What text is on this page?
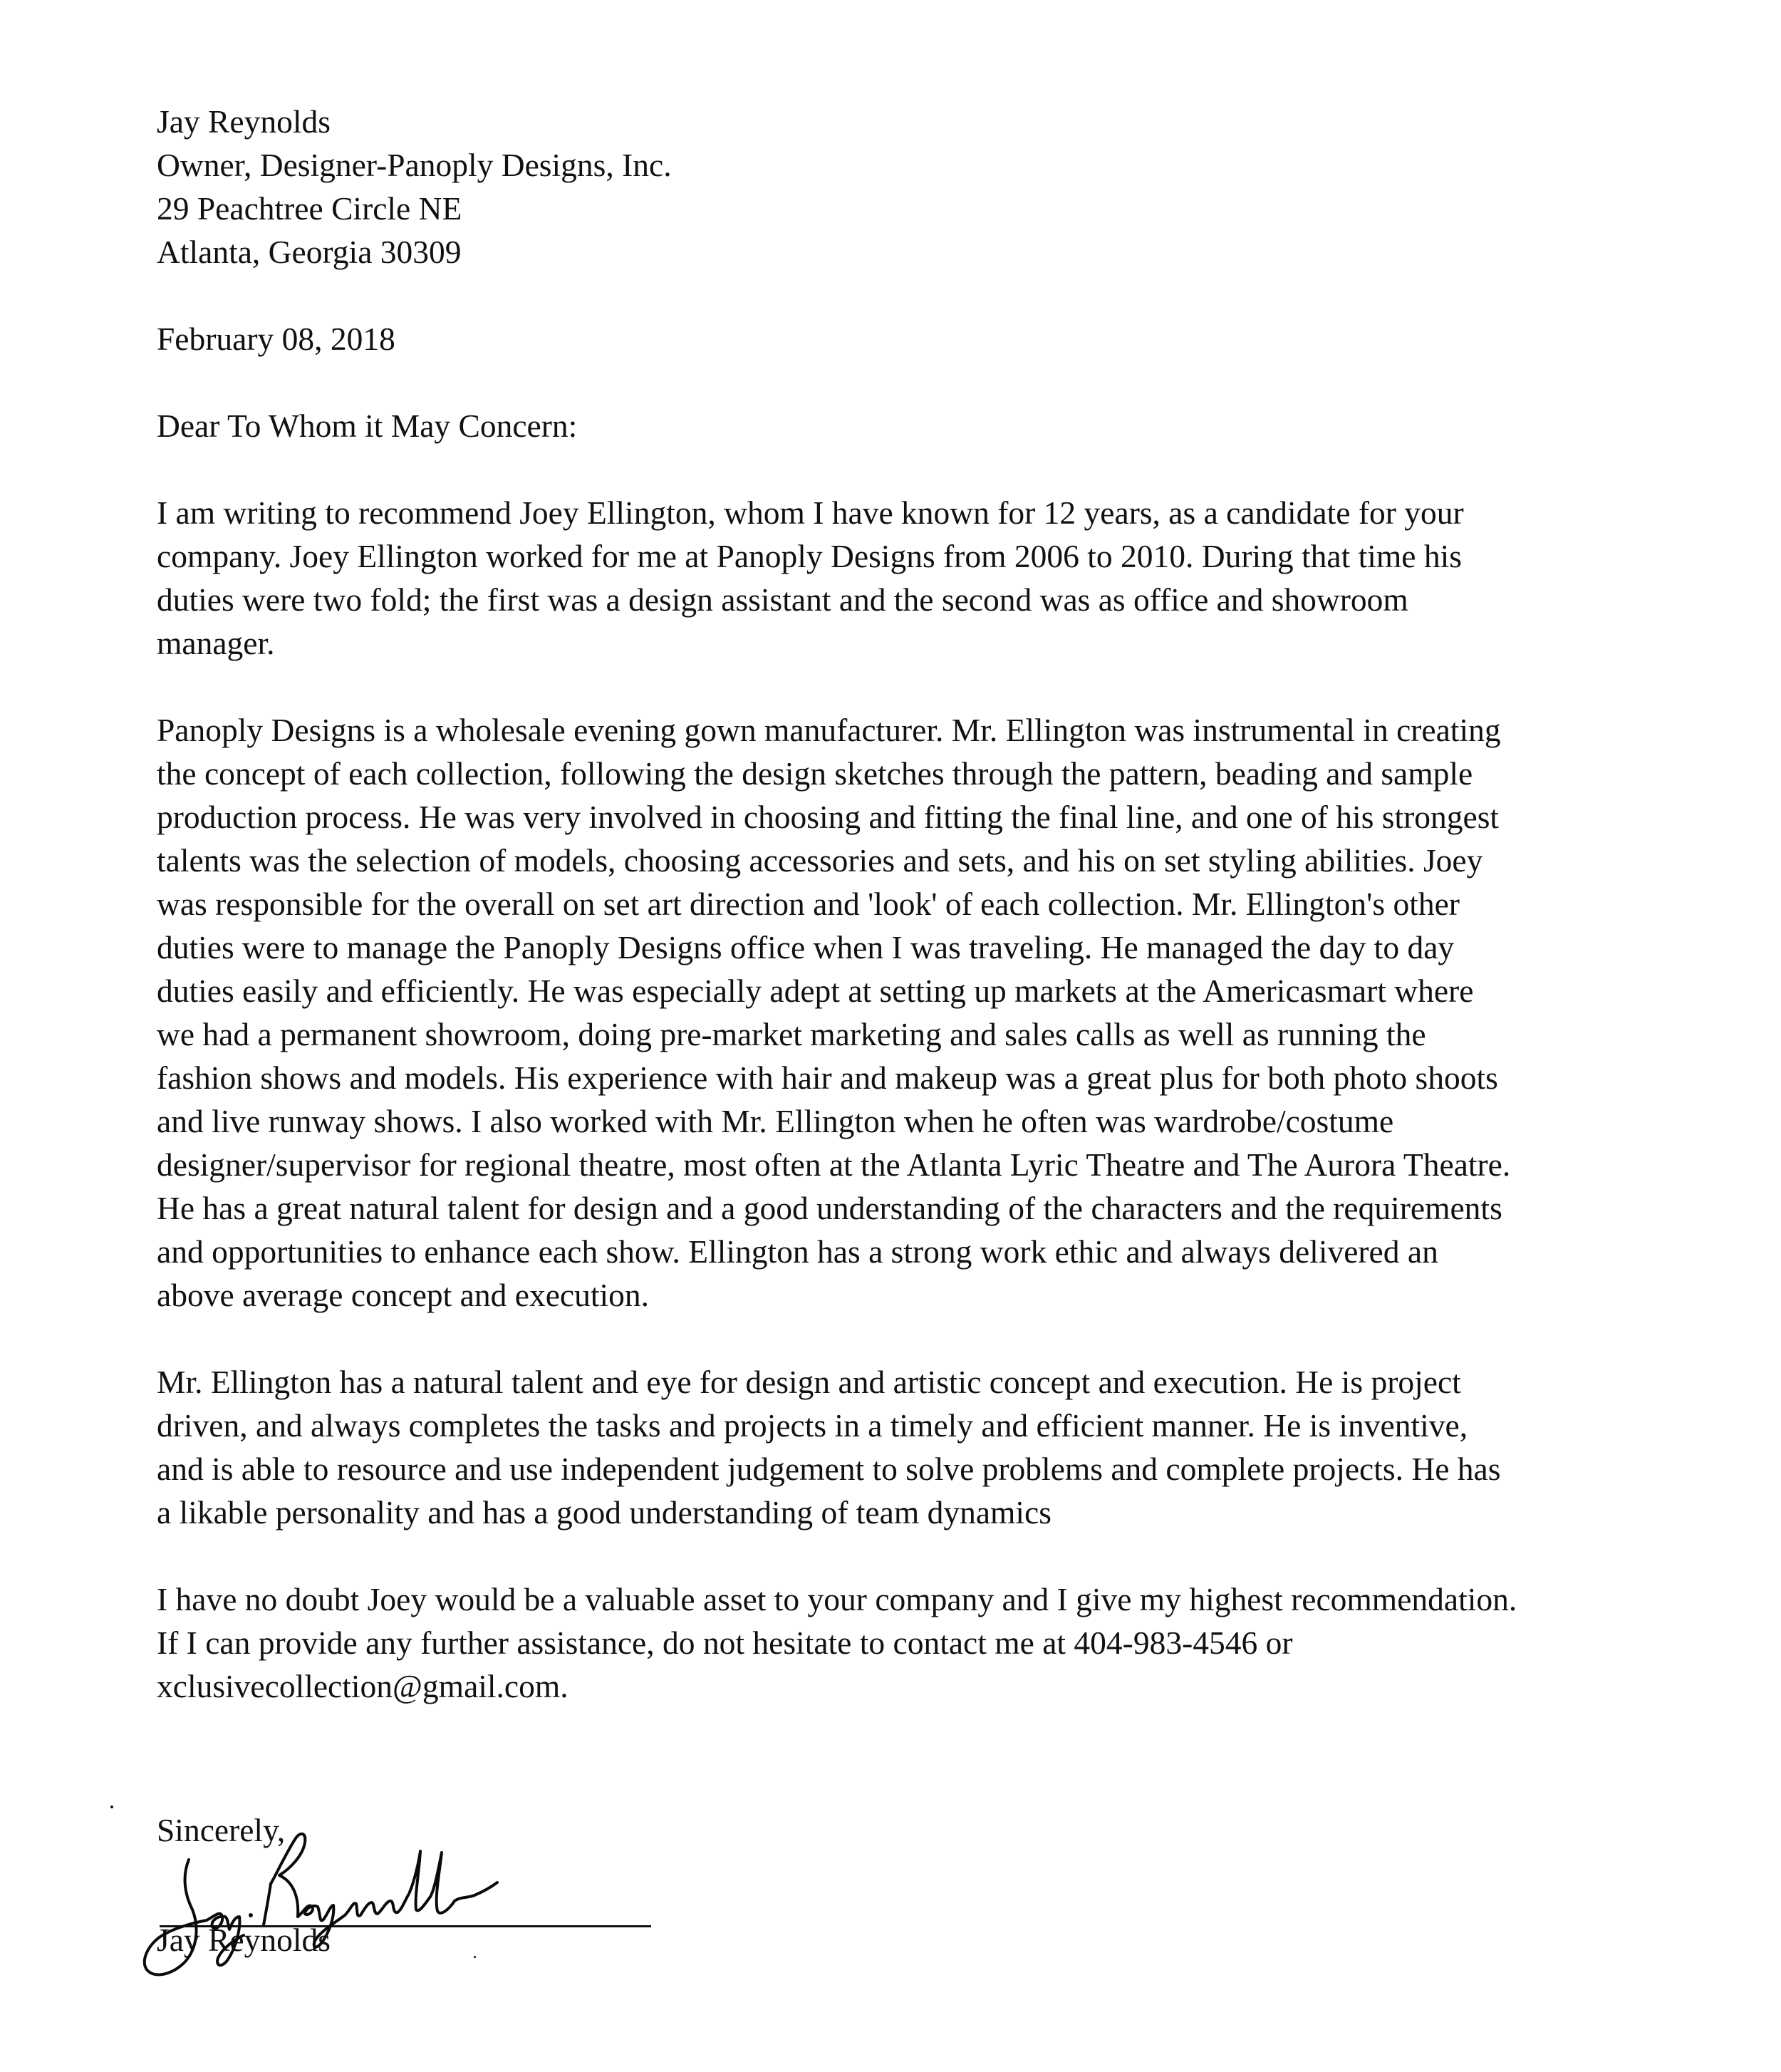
Jay Reynolds
Owner, Designer-Panoply Designs, Inc.
29 Peachtree Circle NE
Atlanta, Georgia 30309

February 08, 2018

Dear To Whom it May Concern:

I am writing to recommend Joey Ellington, whom I have known for 12 years, as a candidate for your
company. Joey Ellington worked for me at Panoply Designs from 2006 to 2010. During that time his
duties were two fold; the first was a design assistant and the second was as office and showroom
manager.

Panoply Designs is a wholesale evening gown manufacturer. Mr. Ellington was instrumental in creating
the concept of each collection, following the design sketches through the pattern, beading and sample
production process. He was very involved in choosing and fitting the final line, and one of his strongest
talents was the selection of models, choosing accessories and sets, and his on set styling abilities. Joey
was responsible for the overall on set art direction and 'look' of each collection. Mr. Ellington's other
duties were to manage the Panoply Designs office when I was traveling. He managed the day to day
duties easily and efficiently. He was especially adept at setting up markets at the Americasmart where
we had a permanent showroom, doing pre-market marketing and sales calls as well as running the
fashion shows and models. His experience with hair and makeup was a great plus for both photo shoots
and live runway shows. I also worked with Mr. Ellington when he often was wardrobe/costume
designer/supervisor for regional theatre, most often at the Atlanta Lyric Theatre and The Aurora Theatre.
He has a great natural talent for design and a good understanding of the characters and the requirements
and opportunities to enhance each show. Ellington has a strong work ethic and always delivered an
above average concept and execution.

Mr. Ellington has a natural talent and eye for design and artistic concept and execution. He is project
driven, and always completes the tasks and projects in a timely and efficient manner. He is inventive,
and is able to resource and use independent judgement to solve problems and complete projects. He has
a likable personality and has a good understanding of team dynamics

I have no doubt Joey would be a valuable asset to your company and I give my highest recommendation.
If I can provide any further assistance, do not hesitate to contact me at 404-983-4546 or
xclusivecollection@gmail.com.

Sincerely,
Jay Reynolds
